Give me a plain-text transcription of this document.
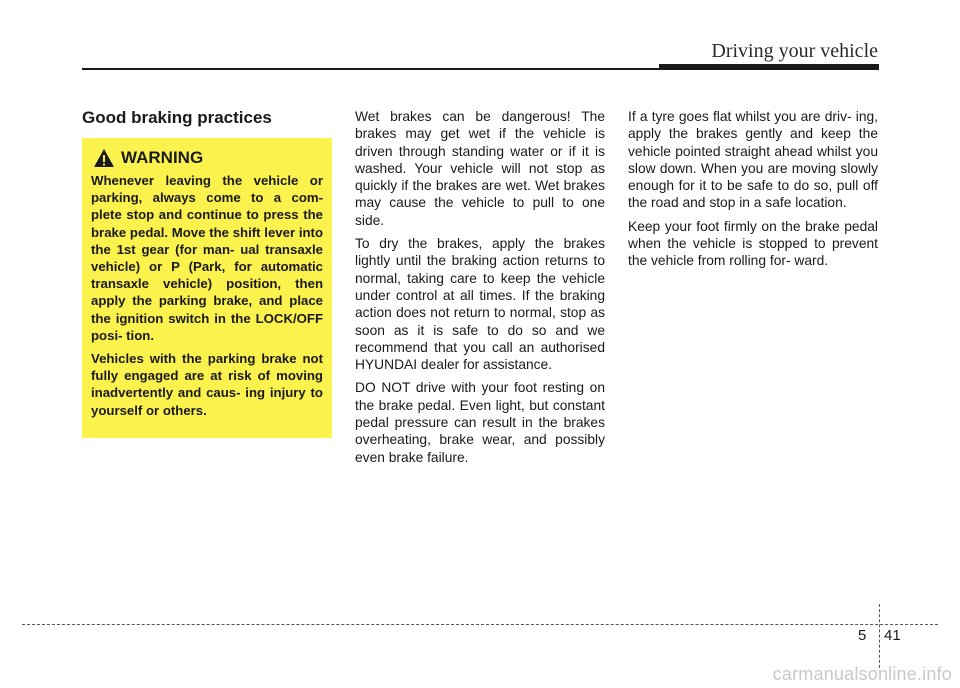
Driving your vehicle
Good braking practices
WARNING

Whenever leaving the vehicle or parking, always come to a com- plete stop and continue to press the brake pedal. Move the shift lever into the 1st gear (for man- ual transaxle vehicle) or P (Park, for automatic transaxle vehicle) position, then apply the parking brake, and place the ignition switch in the LOCK/OFF posi- tion.

Vehicles with the parking brake not fully engaged are at risk of moving inadvertently and caus- ing injury to yourself or others.

Wet brakes can be dangerous! The brakes may get wet if the vehicle is driven through standing water or if it is washed. Your vehicle will not stop as quickly if the brakes are wet. Wet brakes may cause the vehicle to pull to one side.

To dry the brakes, apply the brakes lightly until the braking action returns to normal, taking care to keep the vehicle under control at all times. If the braking action does not return to normal, stop as soon as it is safe to do so and we recommend that you call an authorised HYUNDAI dealer for assistance.

DO NOT drive with your foot resting on the brake pedal. Even light, but constant pedal pressure can result in the brakes overheating, brake wear, and possibly even brake failure.

If a tyre goes flat whilst you are driv- ing, apply the brakes gently and keep the vehicle pointed straight ahead whilst you slow down. When you are moving slowly enough for it to be safe to do so, pull off the road and stop in a safe location.

Keep your foot firmly on the brake pedal when the vehicle is stopped to prevent the vehicle from rolling for- ward.

5 41
carmanualsonline.info
